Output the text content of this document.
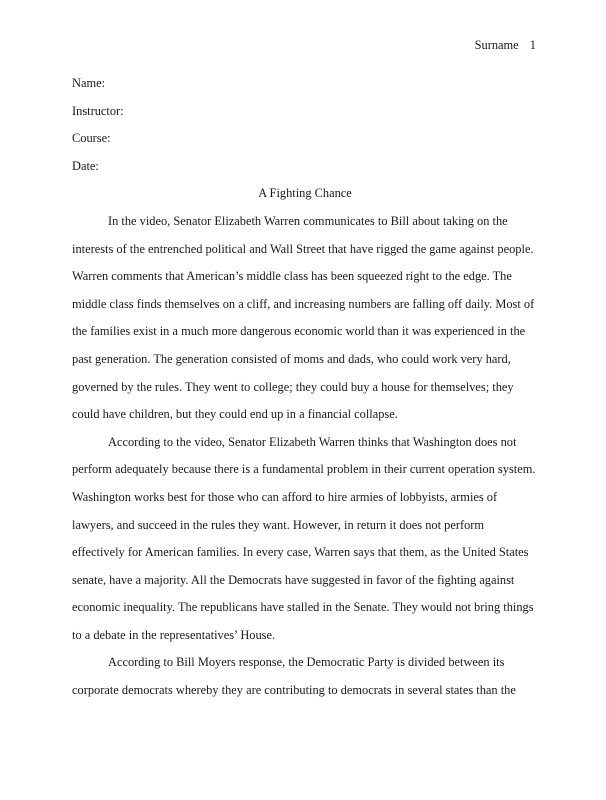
Surname 1

Name:

Instructor:

Course:

Date:

A Fighting Chance

In the video, Senator Elizabeth Warren communicates to Bill about taking on the interests of the entrenched political and Wall Street that have rigged the game against people. Warren comments that American’s middle class has been squeezed right to the edge. The middle class finds themselves on a cliff, and increasing numbers are falling off daily. Most of the families exist in a much more dangerous economic world than it was experienced in the past generation. The generation consisted of moms and dads, who could work very hard, governed by the rules. They went to college; they could buy a house for themselves; they could have children, but they could end up in a financial collapse.

According to the video, Senator Elizabeth Warren thinks that Washington does not perform adequately because there is a fundamental problem in their current operation system. Washington works best for those who can afford to hire armies of lobbyists, armies of lawyers, and succeed in the rules they want. However, in return it does not perform effectively for American families. In every case, Warren says that them, as the United States senate, have a majority. All the Democrats have suggested in favor of the fighting against economic inequality. The republicans have stalled in the Senate. They would not bring things to a debate in the representatives’ House.

According to Bill Moyers response, the Democratic Party is divided between its corporate democrats whereby they are contributing to democrats in several states than the
